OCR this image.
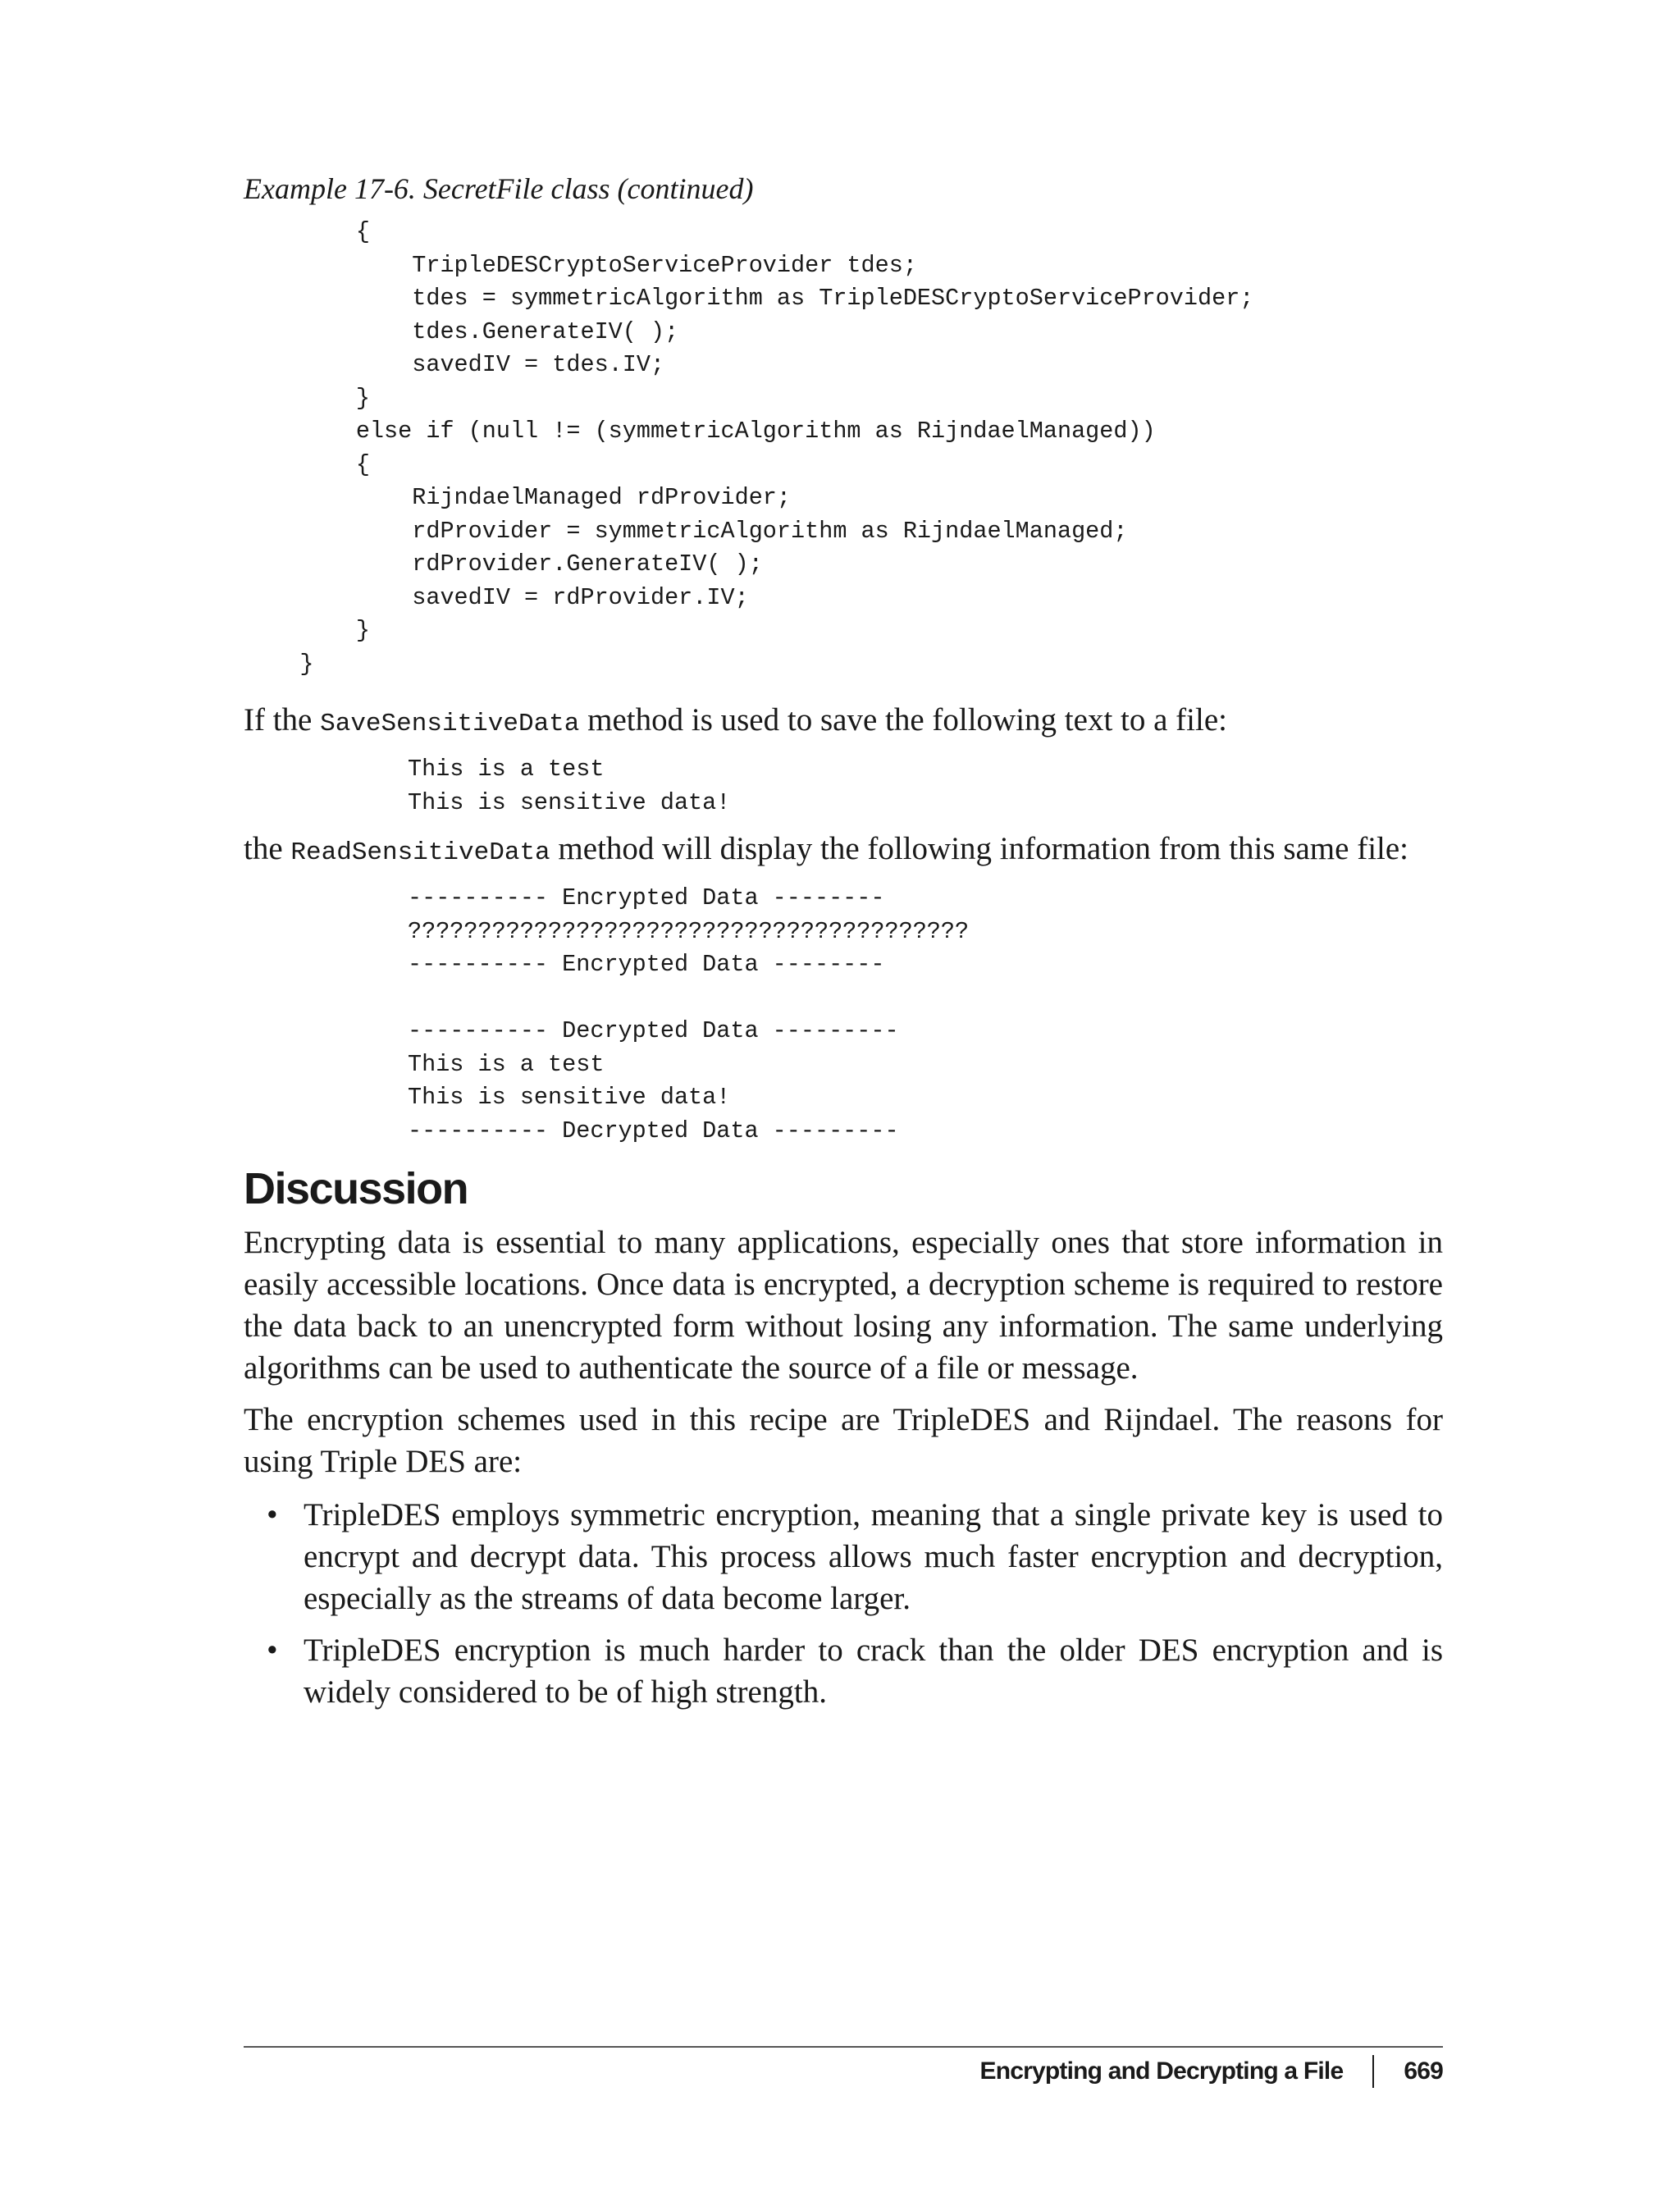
Example 17-6. SecretFile class (continued)
{
TripleDESCryptoServiceProvider tdes;
tdes = symmetricAlgorithm as TripleDESCryptoServiceProvider;
tdes.GenerateIV( );
savedIV = tdes.IV;
}
else if (null != (symmetricAlgorithm as RijndaelManaged))
{
RijndaelManaged rdProvider;
rdProvider = symmetricAlgorithm as RijndaelManaged;
rdProvider.GenerateIV( );
savedIV = rdProvider.IV;
}
}

If the SaveSensitiveData method is used to save the following text to a file:

This is a test
This is sensitive data!

the ReadSensitiveData method will display the following information from this same file:

---------- Encrypted Data --------
????????????????????????????????????????
---------- Encrypted Data --------

---------- Decrypted Data ---------
This is a test
This is sensitive data!
---------- Decrypted Data ---------
Discussion

Encrypting data is essential to many applications, especially ones that store information in easily accessible locations. Once data is encrypted, a decryption scheme is required to restore the data back to an unencrypted form without losing any information. The same underlying algorithms can be used to authenticate the source of a file or message.

The encryption schemes used in this recipe are TripleDES and Rijndael. The reasons for using Triple DES are:

• TripleDES employs symmetric encryption, meaning that a single private key is used to encrypt and decrypt data. This process allows much faster encryption and decryption, especially as the streams of data become larger.
• TripleDES encryption is much harder to crack than the older DES encryption and is widely considered to be of high strength.
Encrypting and Decrypting a File 669
